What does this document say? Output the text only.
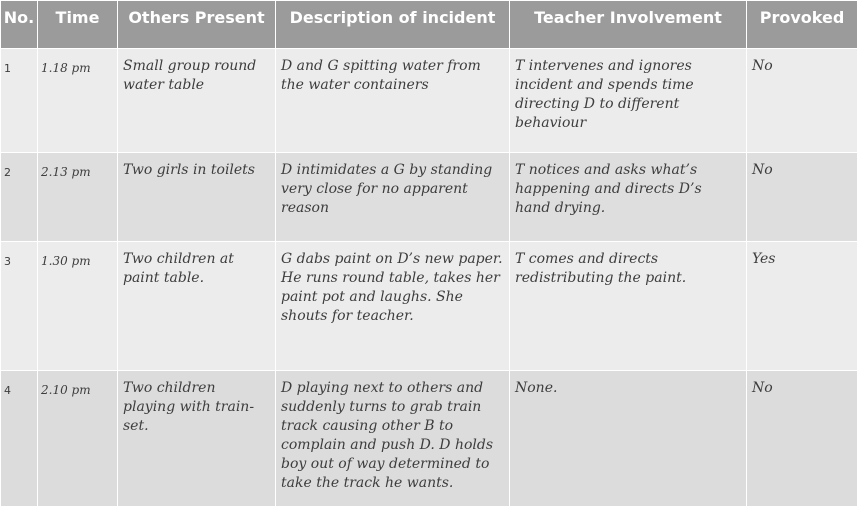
No.	Time	Others Present	Description of incident	Teacher Involvement	Provoked
1	1.18 pm	Small group round water table	D and G spitting water from the water containers	T intervenes and ignores incident and spends time directing D to different behaviour	No
2	2.13 pm	Two girls in toilets	D intimidates a G by standing very close for no apparent reason	T notices and asks what’s happening and directs D’s hand drying.	No
3	1.30 pm	Two children at paint table.	G dabs paint on D’s new paper. He runs round table, takes her paint pot and laughs. She shouts for teacher.	T comes and directs redistributing the paint.	Yes
4	2.10 pm	Two children playing with train-set.	D playing next to others and suddenly turns to grab train track causing other B to complain and push D. D holds boy out of way determined to take the track he wants.	None.	No
